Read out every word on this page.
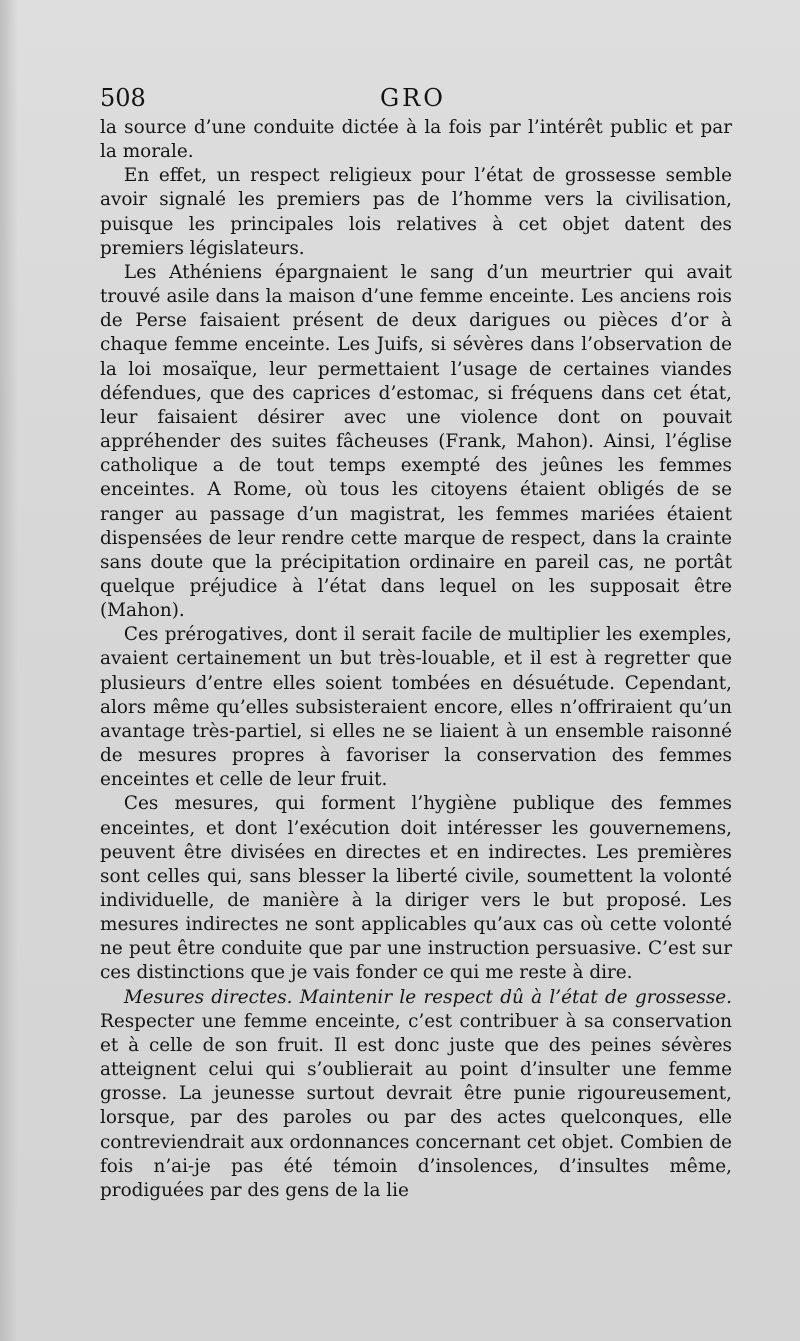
508	GRO

la source d’une conduite dictée à la fois par l’intérêt public et par la morale.

En effet, un respect religieux pour l’état de grossesse semble avoir signalé les premiers pas de l’homme vers la civilisation, puisque les principales lois relatives à cet objet datent des premiers législateurs.

Les Athéniens épargnaient le sang d’un meurtrier qui avait trouvé asile dans la maison d’une femme enceinte. Les anciens rois de Perse faisaient présent de deux darigues ou pièces d’or à chaque femme enceinte. Les Juifs, si sévères dans l’observation de la loi mosaïque, leur permettaient l’usage de certaines viandes défendues, que des caprices d’estomac, si fréquens dans cet état, leur faisaient désirer avec une violence dont on pouvait appréhender des suites fâcheuses (Frank, Mahon). Ainsi, l’église catholique a de tout temps exempté des jeûnes les femmes enceintes. A Rome, où tous les citoyens étaient obligés de se ranger au passage d’un magistrat, les femmes mariées étaient dispensées de leur rendre cette marque de respect, dans la crainte sans doute que la précipitation ordinaire en pareil cas, ne portât quelque préjudice à l’état dans lequel on les supposait être (Mahon).

Ces prérogatives, dont il serait facile de multiplier les exemples, avaient certainement un but très-louable, et il est à regretter que plusieurs d’entre elles soient tombées en désuétude. Cependant, alors même qu’elles subsisteraient encore, elles n’offriraient qu’un avantage très-partiel, si elles ne se liaient à un ensemble raisonné de mesures propres à favoriser la conservation des femmes enceintes et celle de leur fruit.

Ces mesures, qui forment l’hygiène publique des femmes enceintes, et dont l’exécution doit intéresser les gouvernemens, peuvent être divisées en directes et en indirectes. Les premières sont celles qui, sans blesser la liberté civile, soumettent la volonté individuelle, de manière à la diriger vers le but proposé. Les mesures indirectes ne sont applicables qu’aux cas où cette volonté ne peut être conduite que par une instruction persuasive. C’est sur ces distinctions que je vais fonder ce qui me reste à dire.

Mesures directes. Maintenir le respect dû à l’état de grossesse. Respecter une femme enceinte, c’est contribuer à sa conservation et à celle de son fruit. Il est donc juste que des peines sévères atteignent celui qui s’oublierait au point d’insulter une femme grosse. La jeunesse surtout devrait être punie rigoureusement, lorsque, par des paroles ou par des actes quelconques, elle contreviendrait aux ordonnances concernant cet objet. Combien de fois n’ai-je pas été témoin d’insolences, d’insultes même, prodiguées par des gens de la lie
